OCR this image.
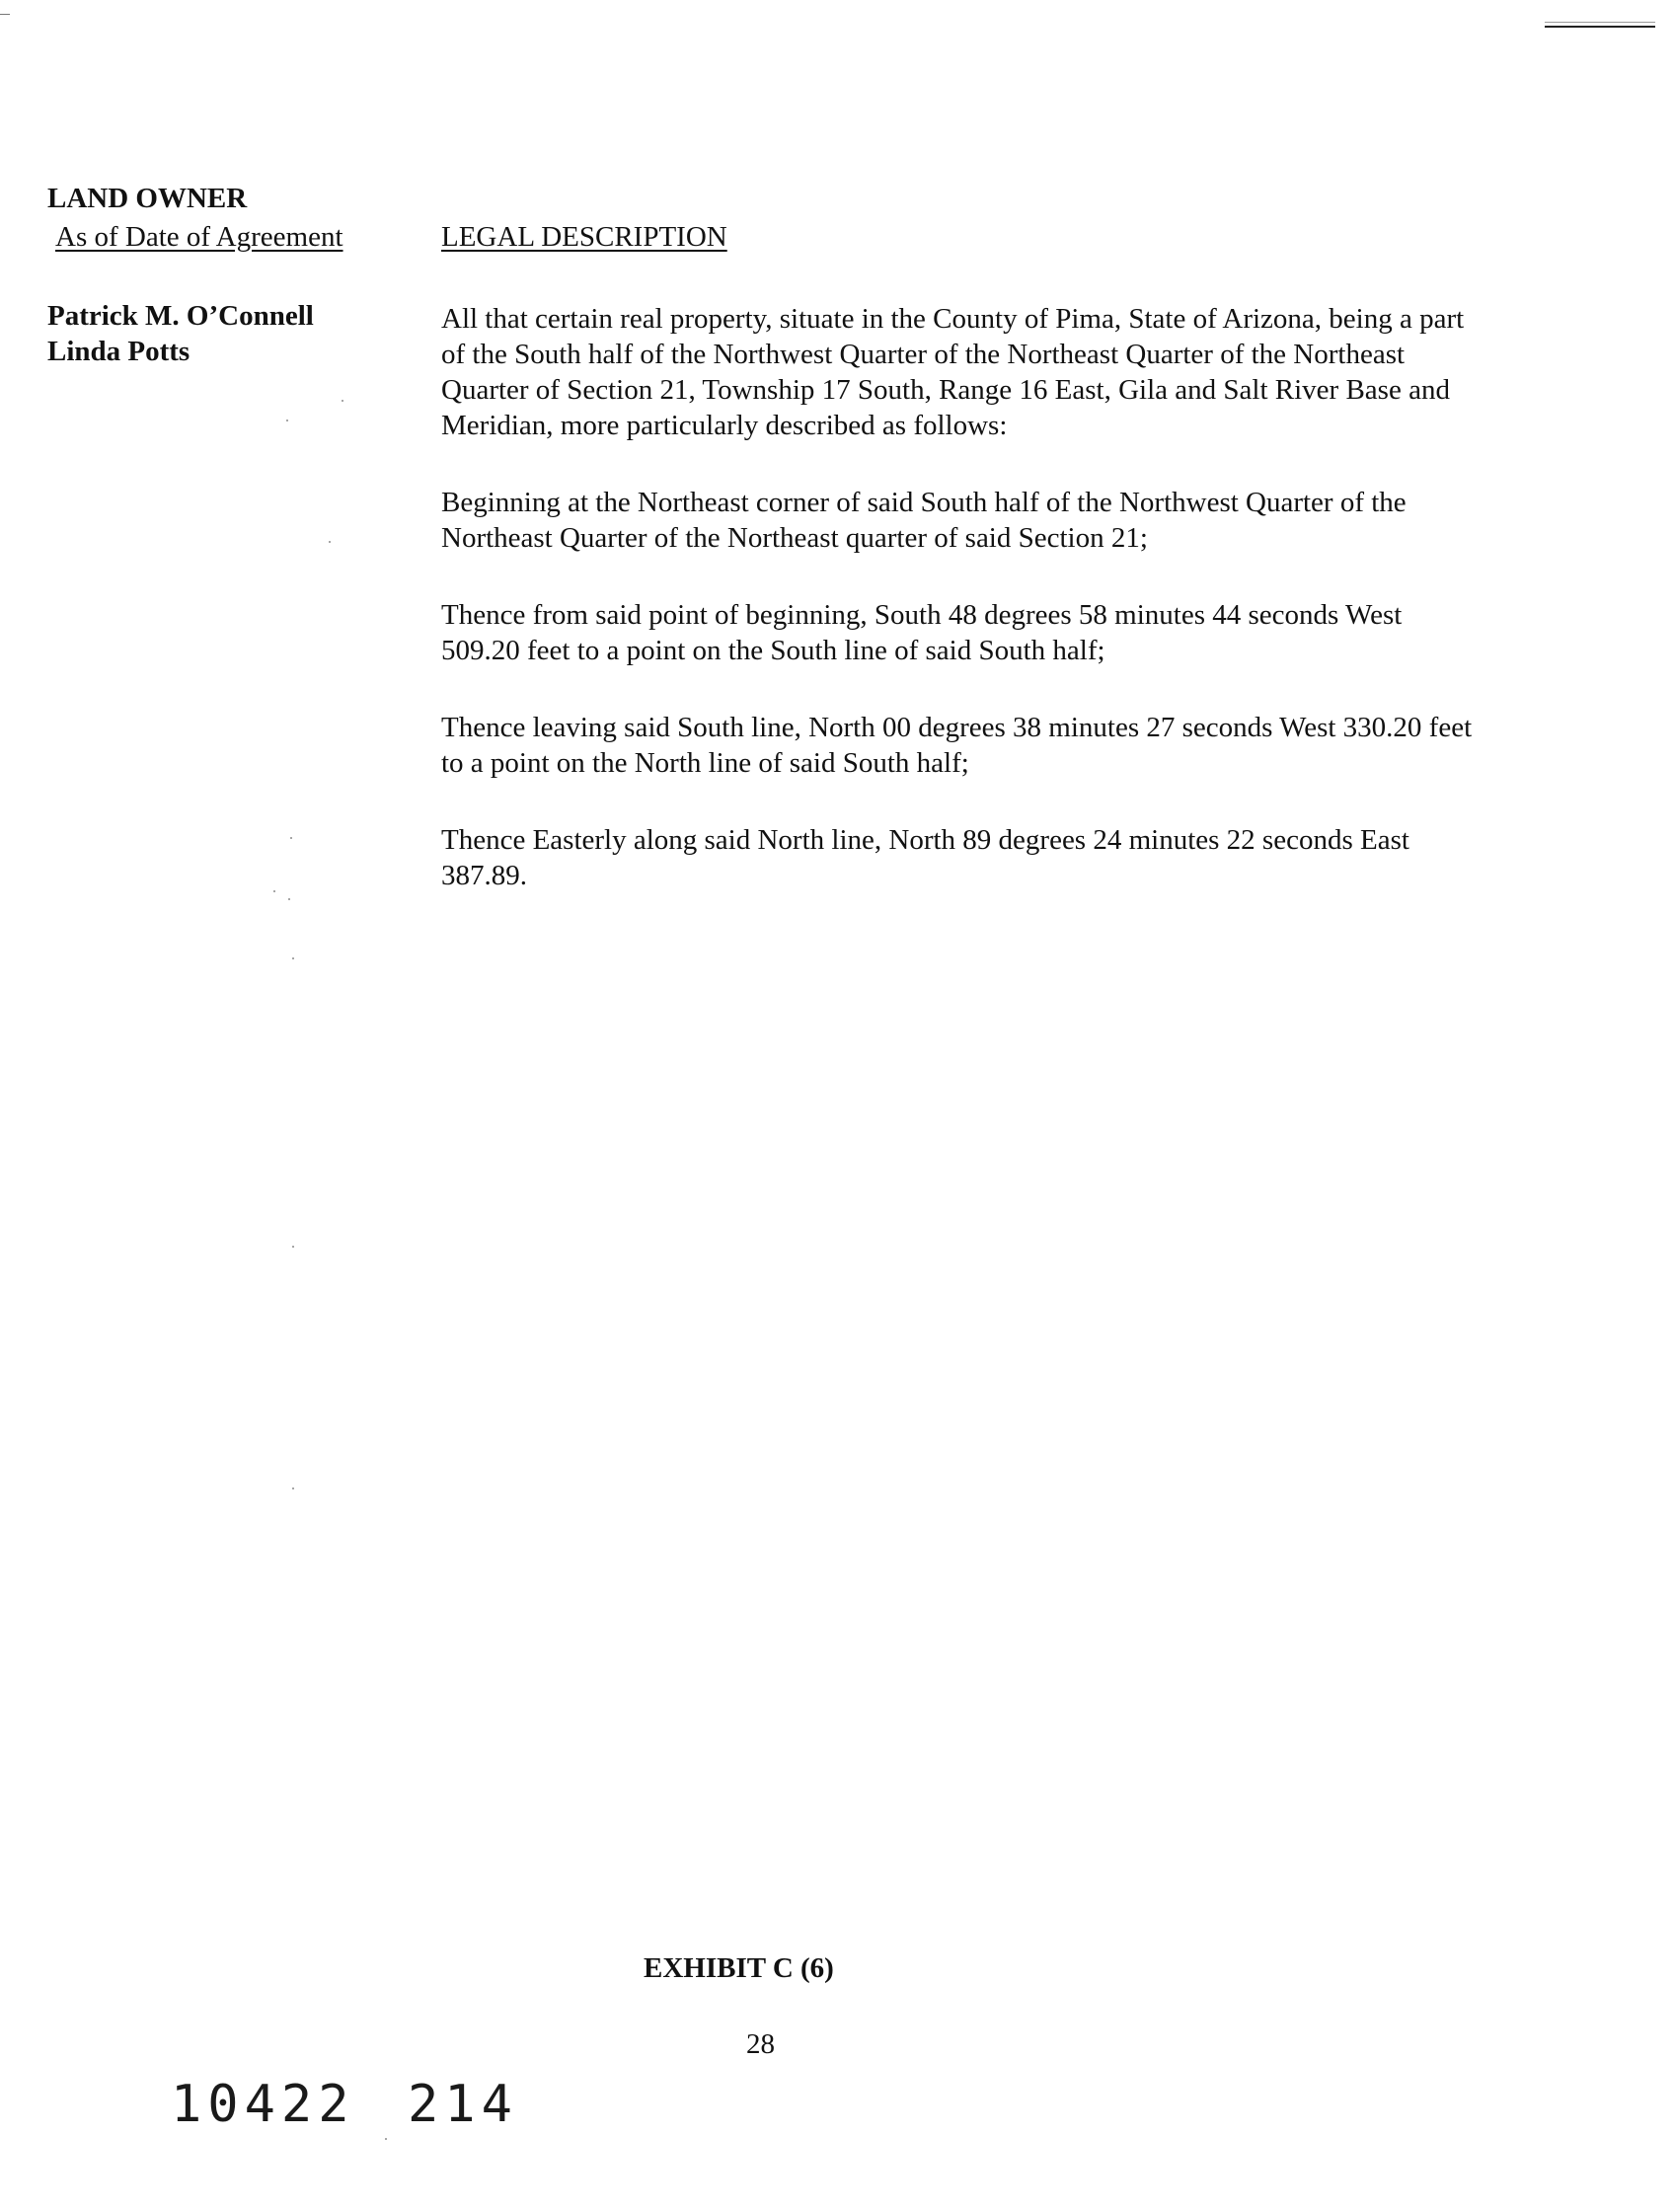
LAND OWNER
As of Date of Agreement	LEGAL DESCRIPTION
Patrick M. O’Connell
Linda Potts

All that certain real property, situate in the County of Pima, State of Arizona, being a part of the South half of the Northwest Quarter of the Northeast Quarter of the Northeast Quarter of Section 21, Township 17 South, Range 16 East, Gila and Salt River Base and Meridian, more particularly described as follows:

Beginning at the Northeast corner of said South half of the Northwest Quarter of the Northeast Quarter of the Northeast quarter of said Section 21;

Thence from said point of beginning, South 48 degrees 58 minutes 44 seconds West 509.20 feet to a point on the South line of said South half;

Thence leaving said South line, North 00 degrees 38 minutes 27 seconds West 330.20 feet to a point on the North line of said South half;

Thence Easterly along said North line, North 89 degrees 24 minutes 22 seconds East 387.89.

EXHIBIT C (6)
28
10422 214
